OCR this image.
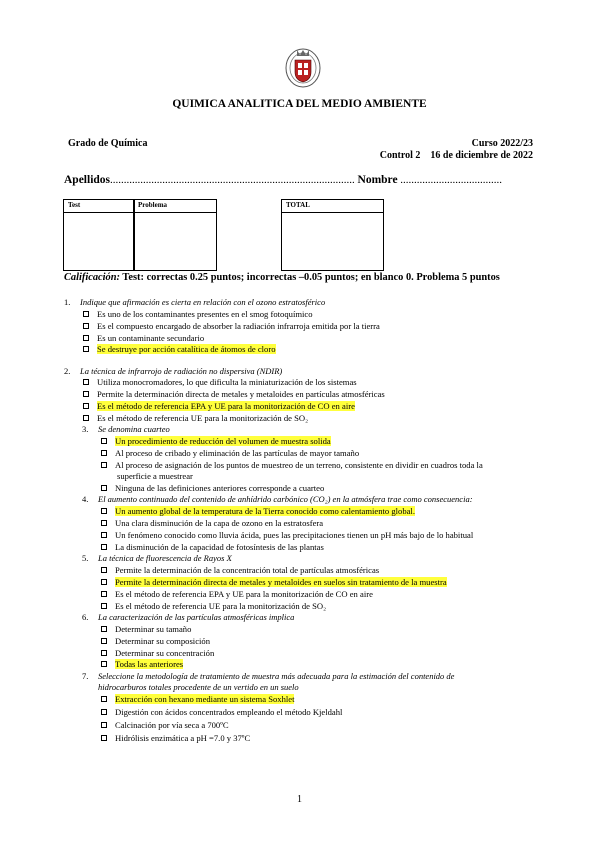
QUIMICA ANALITICA DEL MEDIO AMBIENTE
Grado de Química	Curso 2022/23
Control 2    16 de diciembre de 2022
Apellidos......................................................................................... Nombre .....................................
Test	Problema	TOTAL
Calificación: Test: correctas 0.25 puntos; incorrectas –0.05 puntos; en blanco 0. Problema 5 puntos
1. Indique que afirmación es cierta en relación con el ozono estratosférico
Es uno de los contaminantes presentes en el smog fotoquímico
Es el compuesto encargado de absorber la radiación infrarroja emitida por la tierra
Es un contaminante secundario
Se destruye por acción catalítica de átomos de cloro
2. La técnica de infrarrojo de radiación no dispersiva (NDIR)
Utiliza monocromadores, lo que dificulta la miniaturización de los sistemas
Permite la determinación directa de metales y metaloides en partículas atmosféricas
Es el método de referencia EPA y UE para la monitorización de CO en aire
Es el método de referencia UE para la monitorización de SO₂
3. Se denomina cuarteo
Un procedimiento de reducción del volumen de muestra solida
Al proceso de cribado y eliminación de las partículas de mayor tamaño
Al proceso de asignación de los puntos de muestreo de un terreno, consistente en dividir en cuadros toda la
superficie a muestrear
Ninguna de las definiciones anteriores corresponde a cuarteo
4. El aumento continuado del contenido de anhídrido carbónico (CO₂) en la atmósfera trae como consecuencia:
Un aumento global de la temperatura de la Tierra conocido como calentamiento global.
Una clara disminución de la capa de ozono en la estratosfera
Un fenómeno conocido como lluvia ácida, pues las precipitaciones tienen un pH más bajo de lo habitual
La disminución de la capacidad de fotosíntesis de las plantas
5. La técnica de fluorescencia de Rayos X
Permite la determinación de la concentración total de partículas atmosféricas
Permite la determinación directa de metales y metaloides en suelos sin tratamiento de la muestra
Es el método de referencia EPA y UE para la monitorización de CO en aire
Es el método de referencia UE para la monitorización de SO₂
6. La caracterización de las partículas atmosféricas implica
Determinar su tamaño
Determinar su composición
Determinar su concentración
Todas las anteriores
7. Seleccione la metodología de tratamiento de muestra más adecuada para la estimación del contenido de
hidrocarburos totales procedente de un vertido en un suelo
Extracción con hexano mediante un sistema Soxhlet
Digestión con ácidos concentrados empleando el método Kjeldahl
Calcinación por vía seca a 700ºC
Hidrólisis enzimática a pH =7.0 y 37ºC
1
